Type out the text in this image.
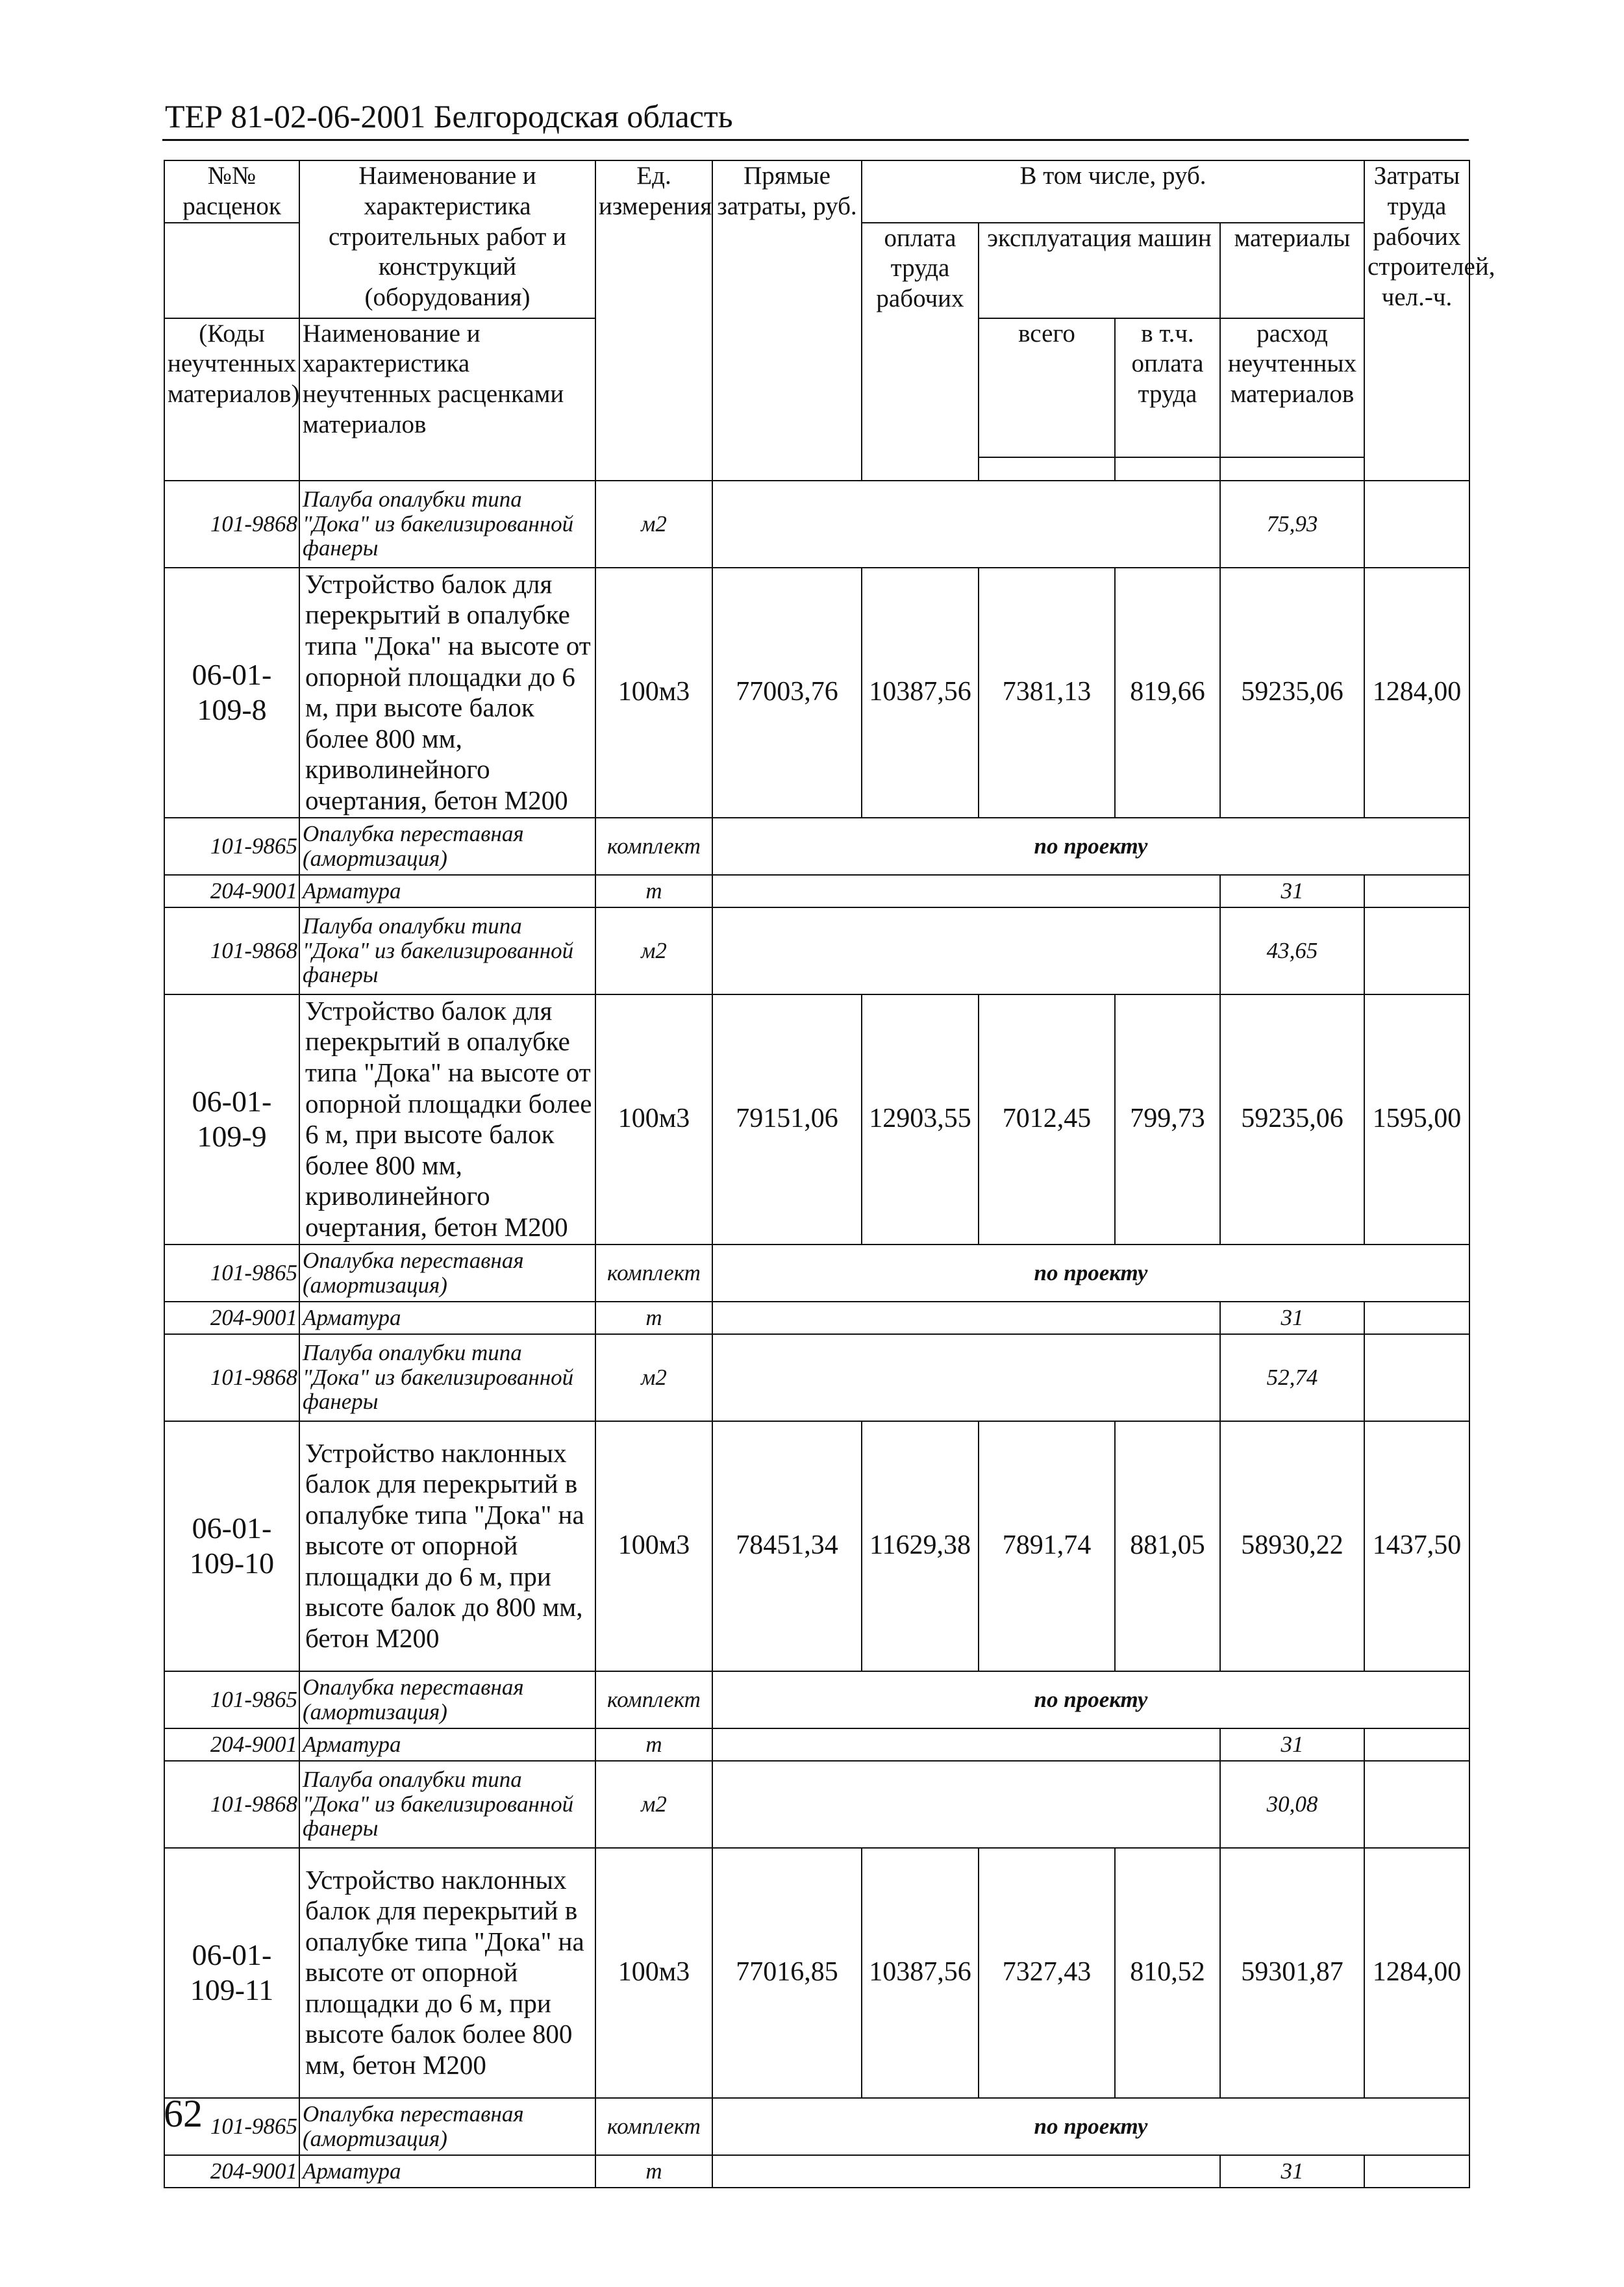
ТЕР 81-02-06-2001 Белгородская область
№№ расценок	Наименование и характеристика строительных работ и конструкций (оборудования)	Ед. измерения	Прямые затраты, руб.	В том числе, руб.				Затраты труда рабочих строителей, чел.-ч.
				оплата труда рабочих	эксплуатация машин		материалы	
(Коды неучтенных материалов)	Наименование и характеристика неучтенных расценками материалов				всего	в т.ч. оплата труда	расход неучтенных материалов	

101-9868	Палуба опалубки типа "Дока" из бакелизированной фанеры	м2					75,93	
06-01-109-8	Устройство балок для перекрытий в опалубке типа "Дока" на высоте от опорной площадки до 6 м, при высоте балок более 800 мм, криволинейного очертания, бетон М200	100м3	77003,76	10387,56	7381,13	819,66	59235,06	1284,00
101-9865	Опалубка переставная (амортизация)	комплект	по проекту					
204-9001	Арматура	т					31	
101-9868	Палуба опалубки типа "Дока" из бакелизированной фанеры	м2					43,65	
06-01-109-9	Устройство балок для перекрытий в опалубке типа "Дока" на высоте от опорной площадки более 6 м, при высоте балок более 800 мм, криволинейного очертания, бетон М200	100м3	79151,06	12903,55	7012,45	799,73	59235,06	1595,00
101-9865	Опалубка переставная (амортизация)	комплект	по проекту					
204-9001	Арматура	т					31	
101-9868	Палуба опалубки типа "Дока" из бакелизированной фанеры	м2					52,74	
06-01-109-10	Устройство наклонных балок для перекрытий в опалубке типа "Дока" на высоте от опорной площадки до 6 м, при высоте балок до 800 мм, бетон М200	100м3	78451,34	11629,38	7891,74	881,05	58930,22	1437,50
101-9865	Опалубка переставная (амортизация)	комплект	по проекту					
204-9001	Арматура	т					31	
101-9868	Палуба опалубки типа "Дока" из бакелизированной фанеры	м2					30,08	
06-01-109-11	Устройство наклонных балок для перекрытий в опалубке типа "Дока" на высоте от опорной площадки до 6 м, при высоте балок более 800 мм, бетон М200	100м3	77016,85	10387,56	7327,43	810,52	59301,87	1284,00
101-9865	Опалубка переставная (амортизация)	комплект	по проекту					
204-9001	Арматура	т					31	
62
